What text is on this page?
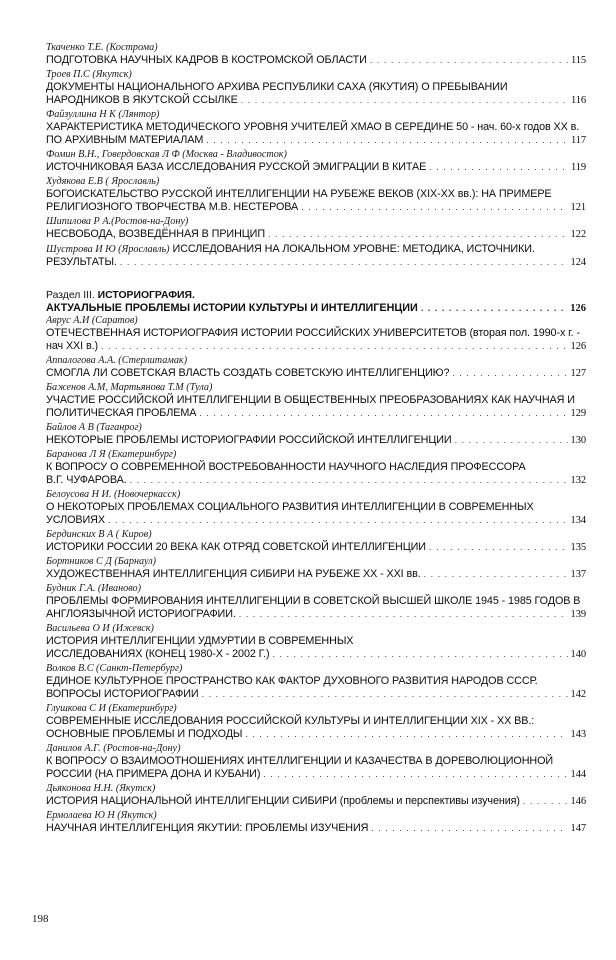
Ткаченко Т.Е. (Кострома)
ПОДГОТОВКА НАУЧНЫХ КАДРОВ В КОСТРОМСКОЙ ОБЛАСТИ . . .	115
Троев П.С (Якутск)
ДОКУМЕНТЫ НАЦИОНАЛЬНОГО АРХИВА РЕСПУБЛИКИ САХА (ЯКУТИЯ) О ПРЕБЫВАНИИ
НАРОДНИКОВ В ЯКУТСКОЙ ССЫЛКЕ . . .	116
Файзуллина Н К (Лянтор)
ХАРАКТЕРИСТИКА МЕТОДИЧЕСКОГО УРОВНЯ УЧИТЕЛЕЙ ХМАО В СЕРЕДИНЕ 50 - нач. 60-х годов XX в.
ПО АРХИВНЫМ МАТЕРИАЛАМ . . .	117
Фомин В.Н., Говердовская Л Ф (Москва - Владивосток)
ИСТОЧНИКОВАЯ БАЗА ИССЛЕДОВАНИЯ РУССКОЙ ЭМИГРАЦИИ В КИТАЕ . . .	119
Худякова Е.В ( Ярославль)
БОГОИСКАТЕЛЬСТВО РУССКОЙ ИНТЕЛЛИГЕНЦИИ НА РУБЕЖЕ ВЕКОВ (XIX-XX вв.): НА ПРИМЕРЕ
РЕЛИГИОЗНОГО ТВОРЧЕСТВА М.В. НЕСТЕРОВА . . .	121
Шипилова Р А.(Ростов-на-Дону)
НЕСВОБОДА, ВОЗВЕДЁННАЯ В ПРИНЦИП . . .	122
Шустрова И Ю (Ярославль) ИССЛЕДОВАНИЯ НА ЛОКАЛЬНОМ УРОВНЕ: МЕТОДИКА, ИСТОЧНИКИ.
РЕЗУЛЬТАТЫ. . . .	124
Раздел III. ИСТОРИОГРАФИЯ.
АКТУАЛЬНЫЕ ПРОБЛЕМЫ ИСТОРИИ КУЛЬТУРЫ И ИНТЕЛЛИГЕНЦИИ . . .	126
Аврус А.И (Саратов)
ОТЕЧЕСТВЕННАЯ ИСТОРИОГРАФИЯ ИСТОРИИ РОССИЙСКИХ УНИВЕРСИТЕТОВ (вторая пол. 1990-х г. -
нач XXI в.) . . .	126
Аппалогова А.А. (Стерлитамак)
СМОГЛА ЛИ СОВЕТСКАЯ ВЛАСТЬ СОЗДАТЬ СОВЕТСКУЮ ИНТЕЛЛИГЕНЦИЮ? . . .	127
Баженов А.М, Мартьянова Т.М (Тула)
УЧАСТИЕ РОССИЙСКОЙ ИНТЕЛЛИГЕНЦИИ В ОБЩЕСТВЕННЫХ ПРЕОБРАЗОВАНИЯХ КАК НАУЧНАЯ И
ПОЛИТИЧЕСКАЯ ПРОБЛЕМА . . .	129
Байлов А В (Таганрог)
НЕКОТОРЫЕ ПРОБЛЕМЫ ИСТОРИОГРАФИИ РОССИЙСКОЙ ИНТЕЛЛИГЕНЦИИ . . .	130
Баранова Л Я (Екатеринбург)
К ВОПРОСУ О СОВРЕМЕННОЙ ВОСТРЕБОВАННОСТИ НАУЧНОГО НАСЛЕДИЯ ПРОФЕССОРА
В.Г. ЧУФАРОВА. . . .	132
Белоусова Н И. (Новочеркасск)
О НЕКОТОРЫХ ПРОБЛЕМАХ СОЦИАЛЬНОГО РАЗВИТИЯ ИНТЕЛЛИГЕНЦИИ В СОВРЕМЕННЫХ
УСЛОВИЯХ . . .	134
Бердинских В А ( Киров)
ИСТОРИКИ РОССИИ 20 ВЕКА КАК ОТРЯД СОВЕТСКОЙ ИНТЕЛЛИГЕНЦИИ . . .	135
Бортников С Д (Барнаул)
ХУДОЖЕСТВЕННАЯ ИНТЕЛЛИГЕНЦИЯ СИБИРИ НА РУБЕЖЕ XX - XXI вв. . . .	137
Будник Г.А. (Иваново)
ПРОБЛЕМЫ ФОРМИРОВАНИЯ ИНТЕЛЛИГЕНЦИИ В СОВЕТСКОЙ ВЫСШЕЙ ШКОЛЕ 1945 - 1985 ГОДОВ В
АНГЛОЯЗЫЧНОЙ ИСТОРИОГРАФИИ. . . .	139
Васильева О И (Ижевск)
ИСТОРИЯ ИНТЕЛЛИГЕНЦИИ УДМУРТИИ В СОВРЕМЕННЫХ
ИССЛЕДОВАНИЯХ (КОНЕЦ 1980-Х - 2002 Г.) . . .	140
Волков В.С (Санкт-Петербург)
ЕДИНОЕ КУЛЬТУРНОЕ ПРОСТРАНСТВО КАК ФАКТОР ДУХОВНОГО РАЗВИТИЯ НАРОДОВ СССР.
ВОПРОСЫ ИСТОРИОГРАФИИ . . .	142
Глушкова С И (Екатеринбург)
СОВРЕМЕННЫЕ ИССЛЕДОВАНИЯ РОССИЙСКОЙ КУЛЬТУРЫ И ИНТЕЛЛИГЕНЦИИ XIX - XX ВВ.:
ОСНОВНЫЕ ПРОБЛЕМЫ И ПОДХОДЫ . . .	143
Данилов А.Г. (Ростов-на-Дону)
К ВОПРОСУ О ВЗАИМООТНОШЕНИЯХ ИНТЕЛЛИГЕНЦИИ И КАЗАЧЕСТВА В ДОРЕВОЛЮЦИОННОЙ
РОССИИ (НА ПРИМЕРА ДОНА И КУБАНИ) . . .	144
Дьяконова Н.Н. (Якутск)
ИСТОРИЯ НАЦИОНАЛЬНОЙ ИНТЕЛЛИГЕНЦИИ СИБИРИ (проблемы и перспективы изучения) . . .	146
Ермолаева Ю Н (Якутск)
НАУЧНАЯ ИНТЕЛЛИГЕНЦИЯ ЯКУТИИ: ПРОБЛЕМЫ ИЗУЧЕНИЯ . . .	147
198
